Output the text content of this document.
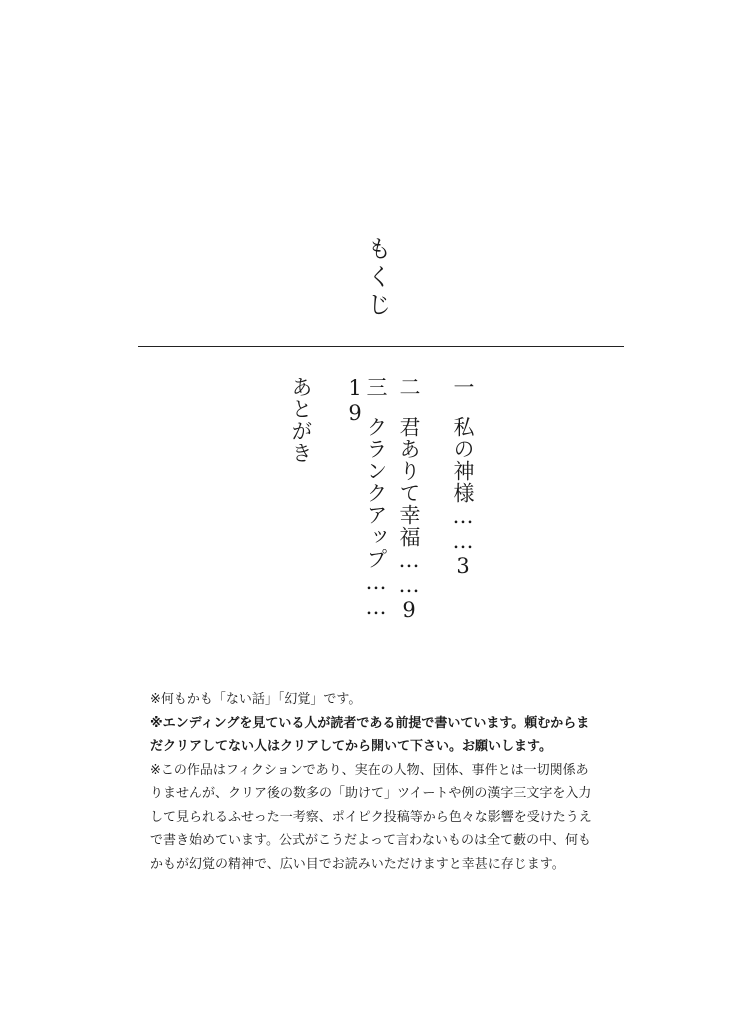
もくじ
一私の神様……3
二君ありて幸福……9
三クランクアップ……
19
あとがき

※何もかも「ない話」「幻覚」です。

※エンディングを見ている人が読者である前提で書いています。頼むからまだクリアしてない人はクリアしてから開いて下さい。お願いします。

※この作品はフィクションであり、実在の人物、団体、事件とは一切関係ありませんが、クリア後の数多の「助けて」ツイートや例の漢字三文字を入力して見られるふせった一考察、ポイピク投稿等から色々な影響を受けたうえで書き始めています。公式がこうだよって言わないものは全て藪の中、何もかもが幻覚の精神で、広い目でお読みいただけますと幸甚に存じます。
